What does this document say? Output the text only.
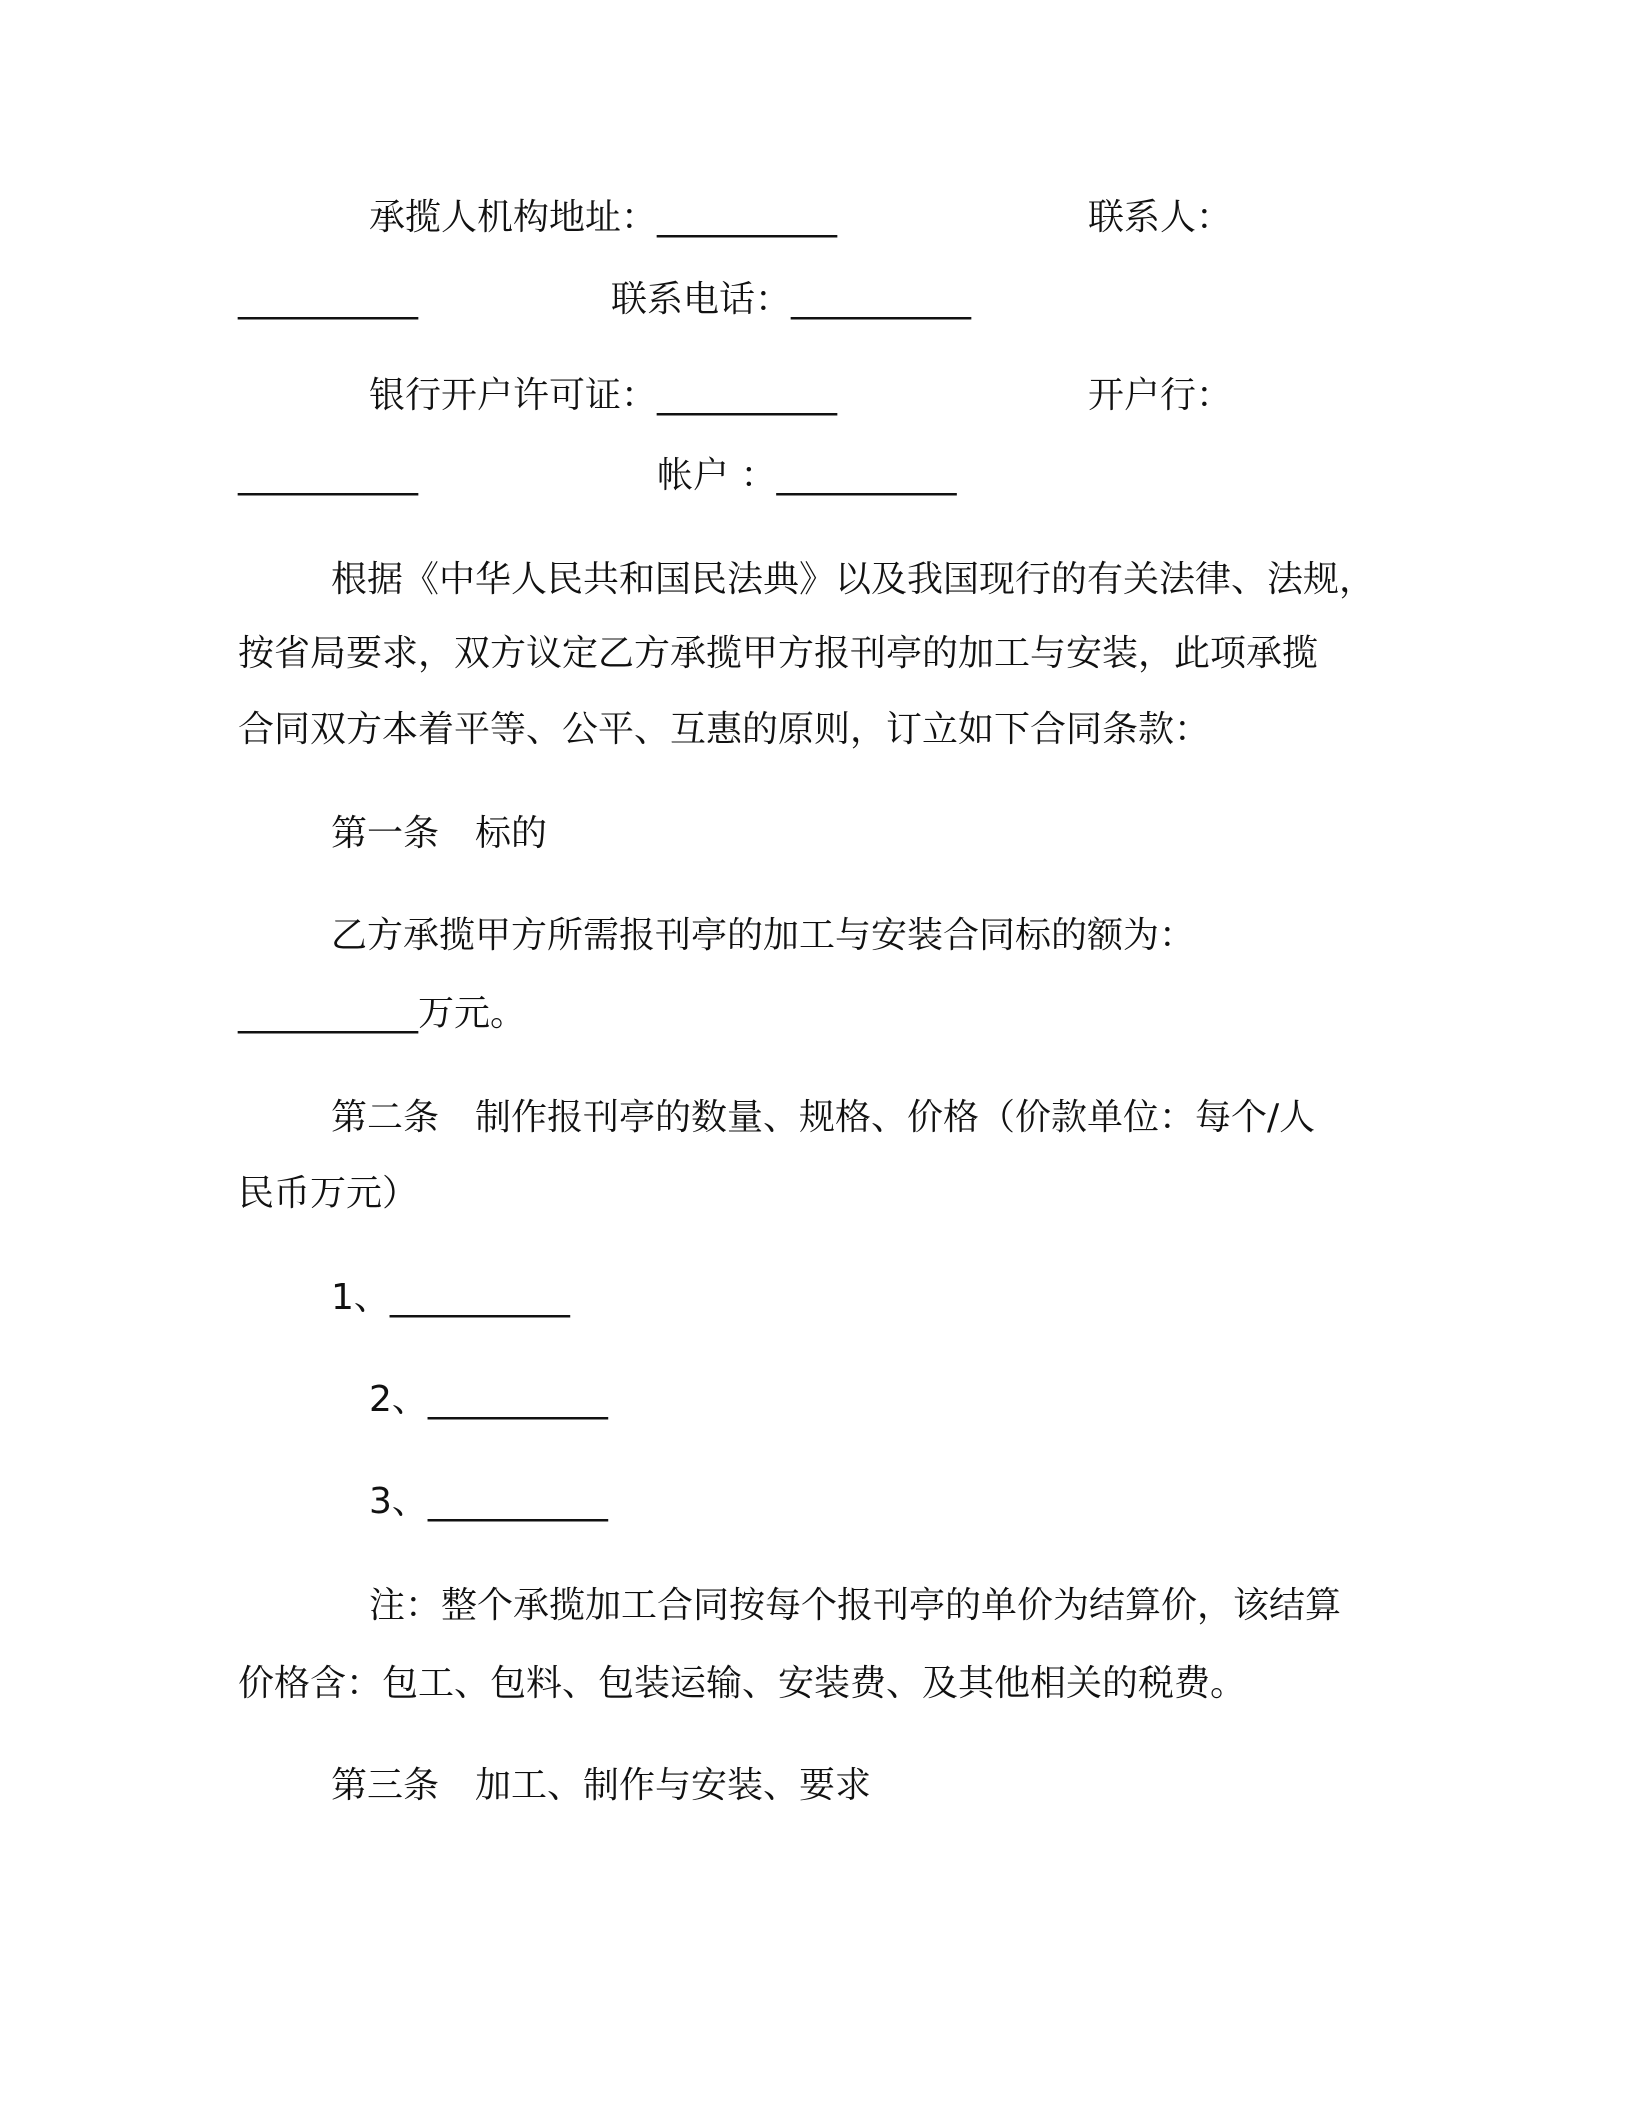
承揽人机构地址：__________	联系人：

__________	联系电话：__________

银行开户许可证：__________	开户行：

__________	帐户 ：__________

根据《中华人民共和国民法典》以及我国现行的有关法律、法规，

按省局要求，双方议定乙方承揽甲方报刊亭的加工与安装，此项承揽

合同双方本着平等、公平、互惠的原则，订立如下合同条款：

第一条　标的

乙方承揽甲方所需报刊亭的加工与安装合同标的额为：

__________万元。

第二条　制作报刊亭的数量、规格、价格（价款单位：每个/人

民币万元）

1、__________

2、__________

3、__________

注：整个承揽加工合同按每个报刊亭的单价为结算价，该结算

价格含：包工、包料、包装运输、安装费、及其他相关的税费。

第三条　加工、制作与安装、要求
